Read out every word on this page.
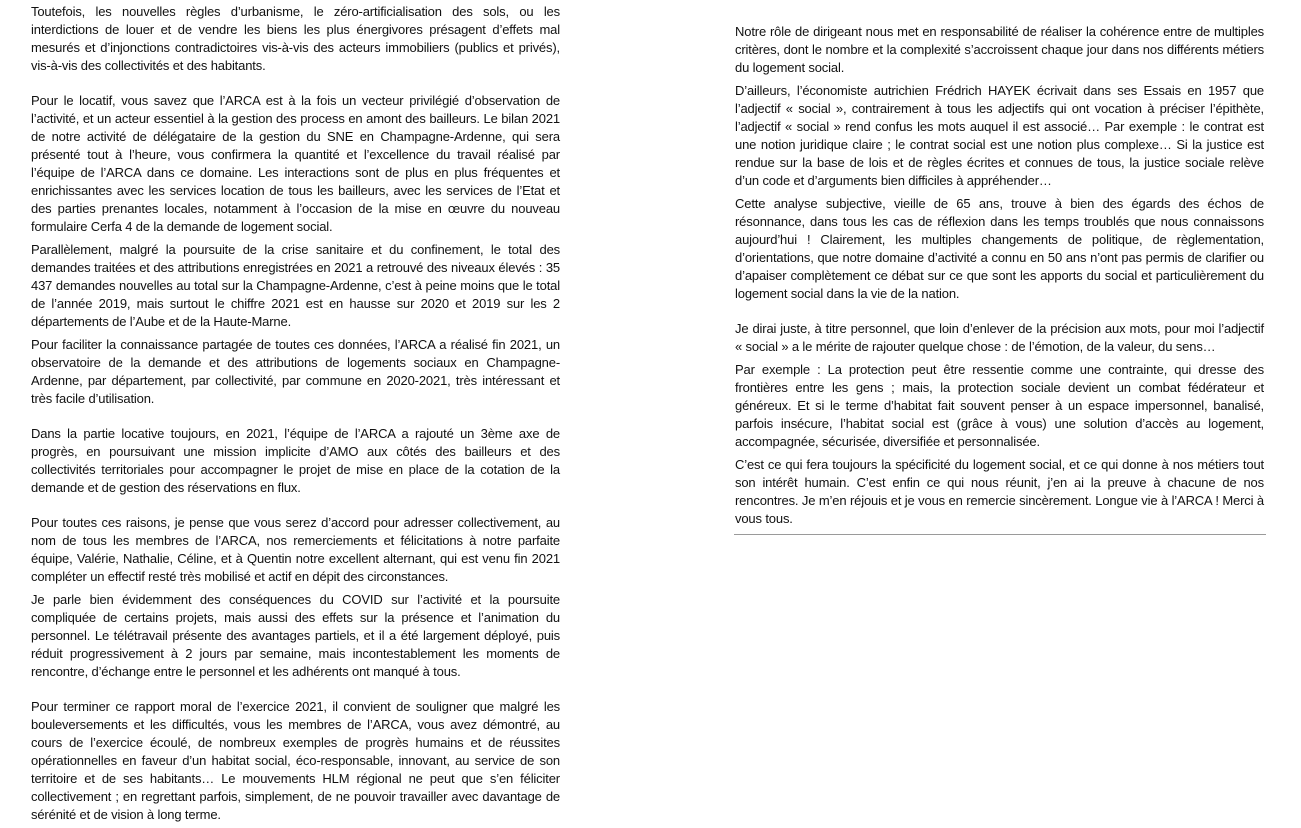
Toutefois, les nouvelles règles d’urbanisme, le zéro-artificialisation des sols, ou les interdictions de louer et de vendre les biens les plus énergivores présagent d’effets mal mesurés et d’injonctions contradictoires vis-à-vis des acteurs immobiliers (publics et privés), vis-à-vis des collectivités et des habitants.

Pour le locatif, vous savez que l’ARCA est à la fois un vecteur privilégié d’observation de l’activité, et un acteur essentiel à la gestion des process en amont des bailleurs. Le bilan 2021 de notre activité de délégataire de la gestion du SNE en Champagne-Ardenne, qui sera présenté tout à l’heure, vous confirmera la quantité et l’excellence du travail réalisé par l’équipe de l’ARCA dans ce domaine. Les interactions sont de plus en plus fréquentes et enrichissantes avec les services location de tous les bailleurs, avec les services de l’Etat et des parties prenantes locales, notamment à l’occasion de la mise en œuvre du nouveau formulaire Cerfa 4 de la demande de logement social.

Parallèlement, malgré la poursuite de la crise sanitaire et du confinement, le total des demandes traitées et des attributions enregistrées en 2021 a retrouvé des niveaux élevés : 35 437 demandes nouvelles au total sur la Champagne-Ardenne, c’est à peine moins que le total de l’année 2019, mais surtout le chiffre 2021 est en hausse sur 2020 et 2019 sur les 2 départements de l’Aube et de la Haute-Marne.

Pour faciliter la connaissance partagée de toutes ces données, l’ARCA a réalisé fin 2021, un observatoire de la demande et des attributions de logements sociaux en Champagne-Ardenne, par département, par collectivité, par commune en 2020-2021, très intéressant et très facile d’utilisation.

Dans la partie locative toujours, en 2021, l’équipe de l’ARCA a rajouté un 3ème axe de progrès, en poursuivant une mission implicite d’AMO aux côtés des bailleurs et des collectivités territoriales pour accompagner le projet de mise en place de la cotation de la demande et de gestion des réservations en flux.

Pour toutes ces raisons, je pense que vous serez d’accord pour adresser collectivement, au nom de tous les membres de l’ARCA, nos remerciements et félicitations à notre parfaite équipe, Valérie, Nathalie, Céline, et à Quentin notre excellent alternant, qui est venu fin 2021 compléter un effectif resté très mobilisé et actif en dépit des circonstances.

Je parle bien évidemment des conséquences du COVID sur l’activité et la poursuite compliquée de certains projets, mais aussi des effets sur la présence et l’animation du personnel. Le télétravail présente des avantages partiels, et il a été largement déployé, puis réduit progressivement à 2 jours par semaine, mais incontestablement les moments de rencontre, d’échange entre le personnel et les adhérents ont manqué à tous.

Pour terminer ce rapport moral de l’exercice 2021, il convient de souligner que malgré les bouleversements et les difficultés, vous les membres de l’ARCA, vous avez démontré, au cours de l’exercice écoulé, de nombreux exemples de progrès humains et de réussites opérationnelles en faveur d’un habitat social, éco-responsable, innovant, au service de son territoire et de ses habitants… Le mouvements HLM régional ne peut que s’en féliciter collectivement ; en regrettant parfois, simplement, de ne pouvoir travailler avec davantage de sérénité et de vision à long terme.

Notre rôle de dirigeant nous met en responsabilité de réaliser la cohérence entre de multiples critères, dont le nombre et la complexité s’accroissent chaque jour dans nos différents métiers du logement social.

D’ailleurs, l’économiste autrichien Frédrich HAYEK écrivait dans ses Essais en 1957 que l’adjectif « social », contrairement à tous les adjectifs qui ont vocation à préciser l’épithète, l’adjectif « social » rend confus les mots auquel il est associé… Par exemple : le contrat est une notion juridique claire ; le contrat social est une notion plus complexe… Si la justice est rendue sur la base de lois et de règles écrites et connues de tous, la justice sociale relève d’un code et d’arguments bien difficiles à appréhender…

Cette analyse subjective, vieille de 65 ans, trouve à bien des égards des échos de résonnance, dans tous les cas de réflexion dans les temps troublés que nous connaissons aujourd’hui ! Clairement, les multiples changements de politique, de règlementation, d’orientations, que notre domaine d’activité a connu en 50 ans n’ont pas permis de clarifier ou d’apaiser complètement ce débat sur ce que sont les apports du social et particulièrement du logement social dans la vie de la nation.

Je dirai juste, à titre personnel, que loin d’enlever de la précision aux mots, pour moi l’adjectif « social » a le mérite de rajouter quelque chose : de l’émotion, de la valeur, du sens…

Par exemple : La protection peut être ressentie comme une contrainte, qui dresse des frontières entre les gens ; mais, la protection sociale devient un combat fédérateur et généreux. Et si le terme d’habitat fait souvent penser à un espace impersonnel, banalisé, parfois insécure, l’habitat social est (grâce à vous) une solution d’accès au logement, accompagnée, sécurisée, diversifiée et personnalisée.

C’est ce qui fera toujours la spécificité du logement social, et ce qui donne à nos métiers tout son intérêt humain. C’est enfin ce qui nous réunit, j’en ai la preuve à chacune de nos rencontres. Je m’en réjouis et je vous en remercie sincèrement. Longue vie à l’ARCA ! Merci à vous tous.
